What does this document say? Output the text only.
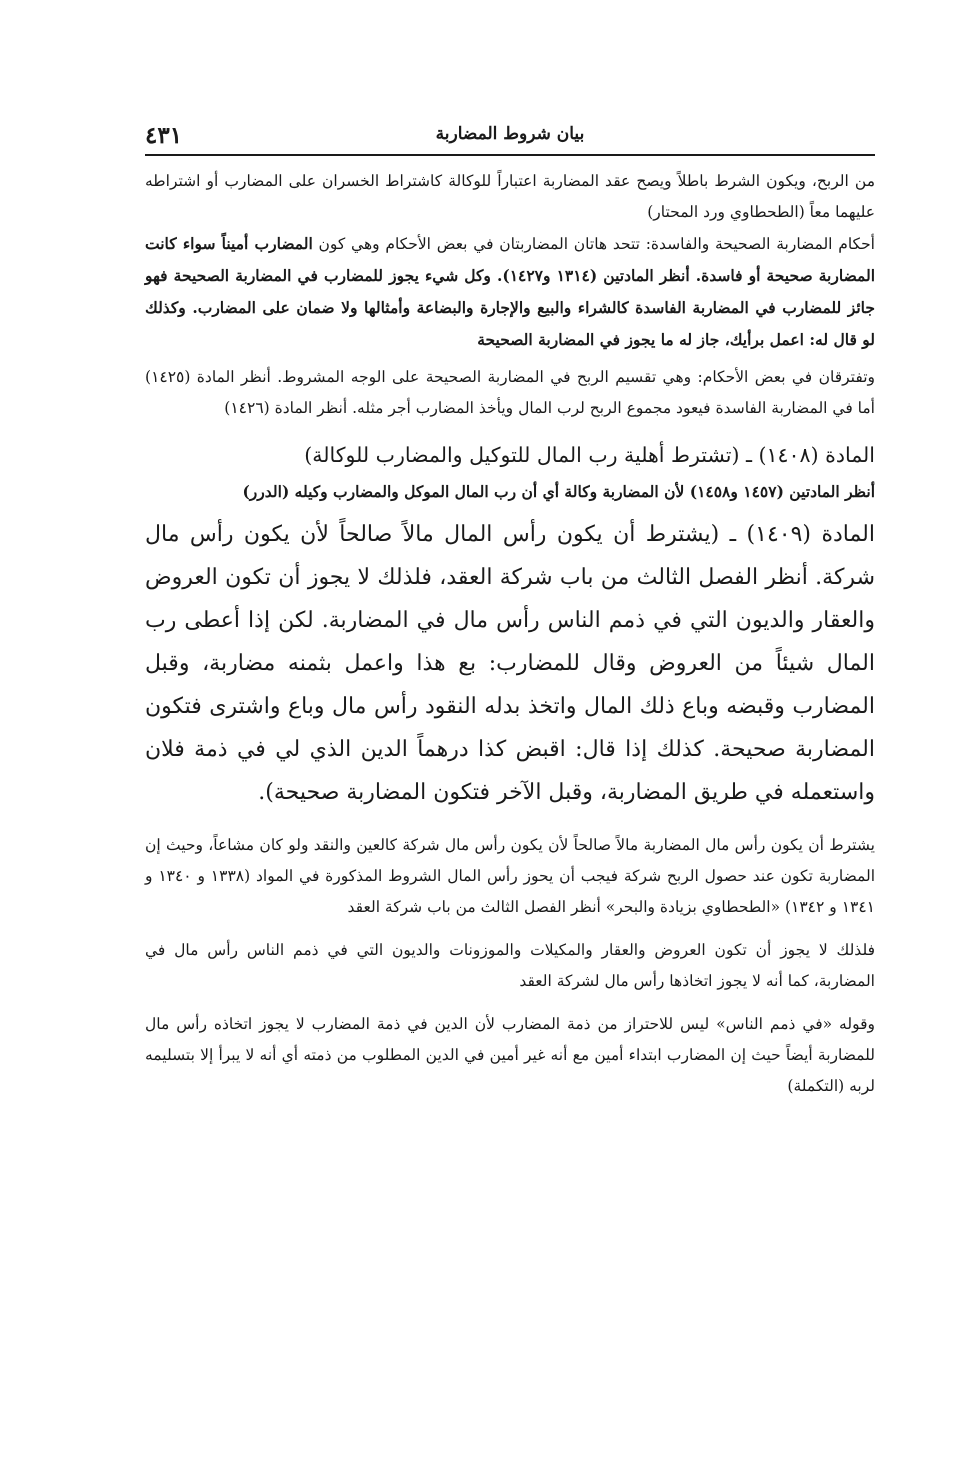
٤٣١	بيان شروط المضاربة

من الربح، ويكون الشرط باطلاً ويصح عقد المضاربة اعتباراً للوكالة كاشتراط الخسران على المضارب أو اشتراطه عليهما معاً (الطحطاوي ورد المحتار)

أحكام المضاربة الصحيحة والفاسدة: تتحد هاتان المضاربتان في بعض الأحكام وهي كون المضارب أميناً سواء كانت المضاربة صحيحة أو فاسدة. أنظر المادتين (١٣١٤ و١٤٢٧). وكل شيء يجوز للمضارب في المضاربة الصحيحة فهو جائز للمضارب في المضاربة الفاسدة كالشراء والبيع والإجارة والبضاعة وأمثالها ولا ضمان على المضارب. وكذلك لو قال له: اعمل برأيك، جاز له ما يجوز في المضاربة الصحيحة

وتفترقان في بعض الأحكام: وهي تقسيم الربح في المضاربة الصحيحة على الوجه المشروط. أنظر المادة (١٤٢٥) أما في المضاربة الفاسدة فيعود مجموع الربح لرب المال ويأخذ المضارب أجر مثله. أنظر المادة (١٤٢٦)

المادة (١٤٠٨) ـ (تشترط أهلية رب المال للتوكيل والمضارب للوكالة)

أنظر المادتين (١٤٥٧ و١٤٥٨) لأن المضاربة وكالة أي أن رب المال الموكل والمضارب وكيله (الدرر)

المادة (١٤٠٩) ـ (يشترط أن يكون رأس المال مالاً صالحاً لأن يكون رأس مال شركة. أنظر الفصل الثالث من باب شركة العقد، فلذلك لا يجوز أن تكون العروض والعقار والديون التي في ذمم الناس رأس مال في المضاربة. لكن إذا أعطى رب المال شيئاً من العروض وقال للمضارب: بع هذا واعمل بثمنه مضاربة، وقبل المضارب وقبضه وباع ذلك المال واتخذ بدله النقود رأس مال وباع واشترى فتكون المضاربة صحيحة. كذلك إذا قال: اقبض كذا درهماً الدين الذي لي في ذمة فلان واستعمله في طريق المضاربة، وقبل الآخر فتكون المضاربة صحيحة).

يشترط أن يكون رأس مال المضاربة مالاً صالحاً لأن يكون رأس مال شركة كالعين والنقد ولو كان مشاعاً، وحيث إن المضاربة تكون عند حصول الربح شركة فيجب أن يحوز رأس المال الشروط المذكورة في المواد (١٣٣٨ و ١٣٤٠ و ١٣٤١ و ١٣٤٢) «الطحطاوي بزيادة والبحر» أنظر الفصل الثالث من باب شركة العقد

فلذلك لا يجوز أن تكون العروض والعقار والمكيلات والموزونات والديون التي في ذمم الناس رأس مال في المضاربة، كما أنه لا يجوز اتخاذها رأس مال لشركة العقد

وقوله «في ذمم الناس» ليس للاحتراز من ذمة المضارب لأن الدين في ذمة المضارب لا يجوز اتخاذه رأس مال للمضاربة أيضاً حيث إن المضارب ابتداء أمين مع أنه غير أمين في الدين المطلوب من ذمته أي أنه لا يبرأ إلا بتسليمه لربه (التكملة)
